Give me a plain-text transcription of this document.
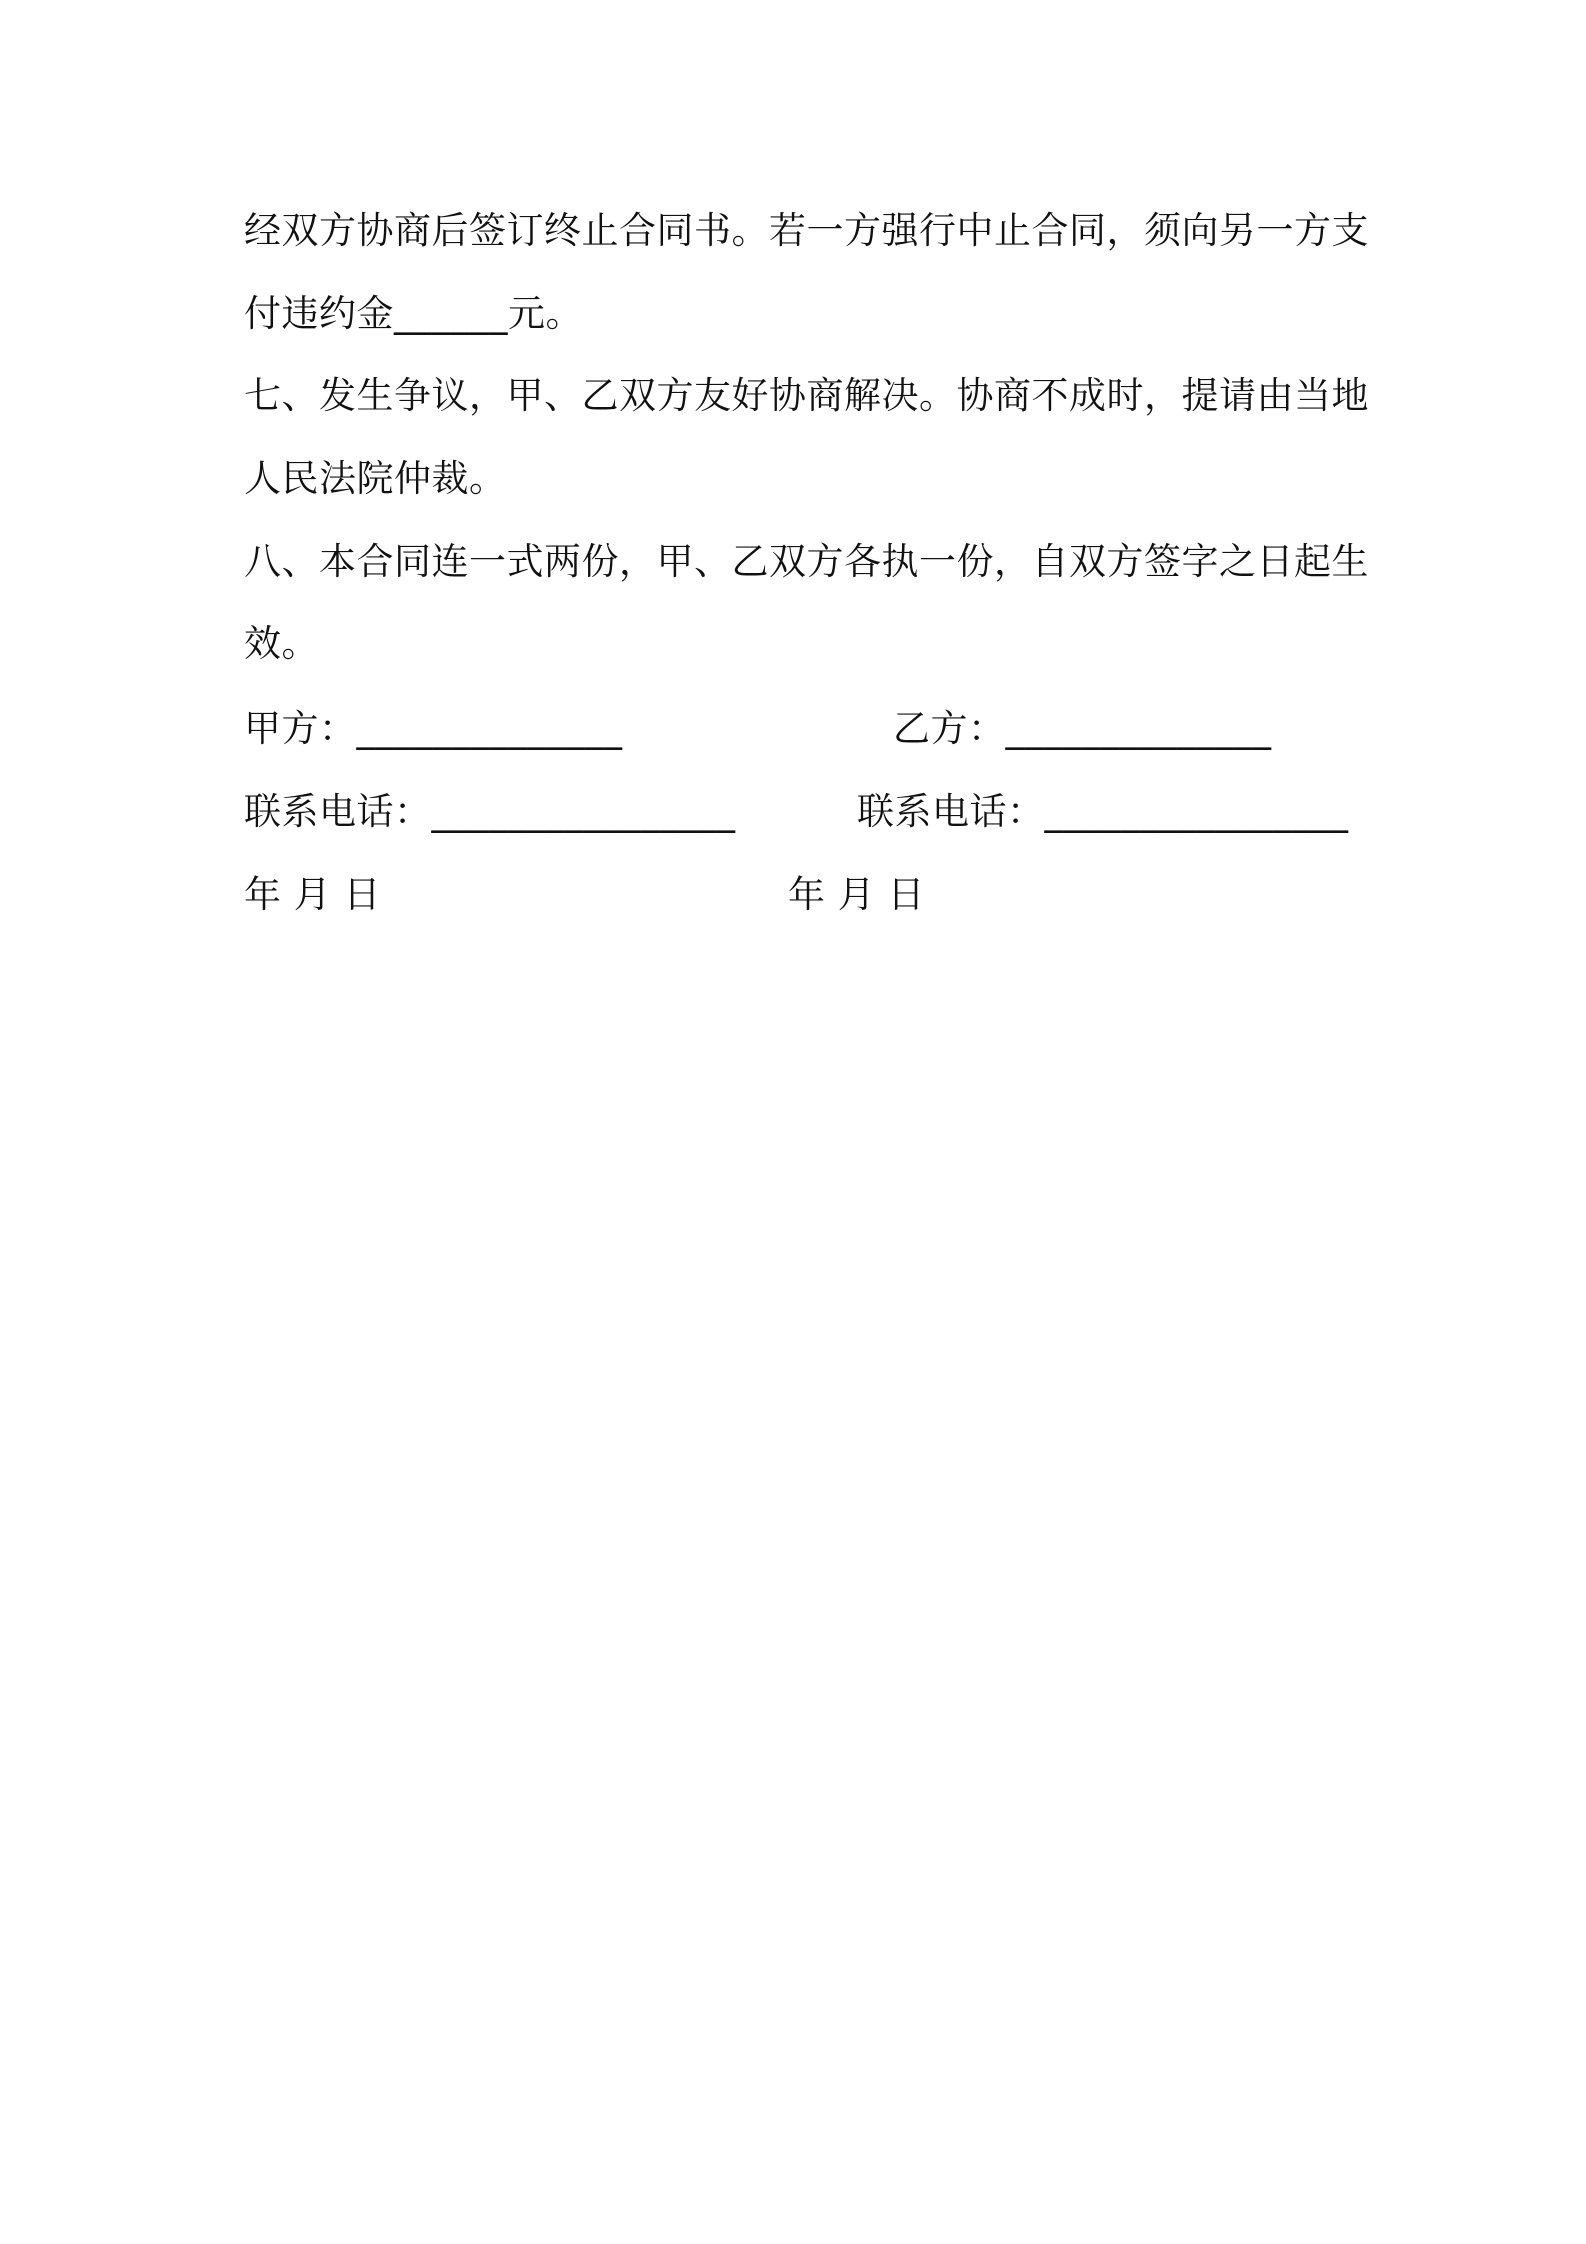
经双方协商后签订终止合同书。若一方强行中止合同，须向另一方支
付违约金______元。
七、发生争议，甲、乙双方友好协商解决。协商不成时，提请由当地
人民法院仲裁。
八、本合同连一式两份，甲、乙双方各执一份，自双方签字之日起生
效。
甲方：______________	乙方：______________
联系电话：________________	联系电话：________________
年 月 日	年 月 日
